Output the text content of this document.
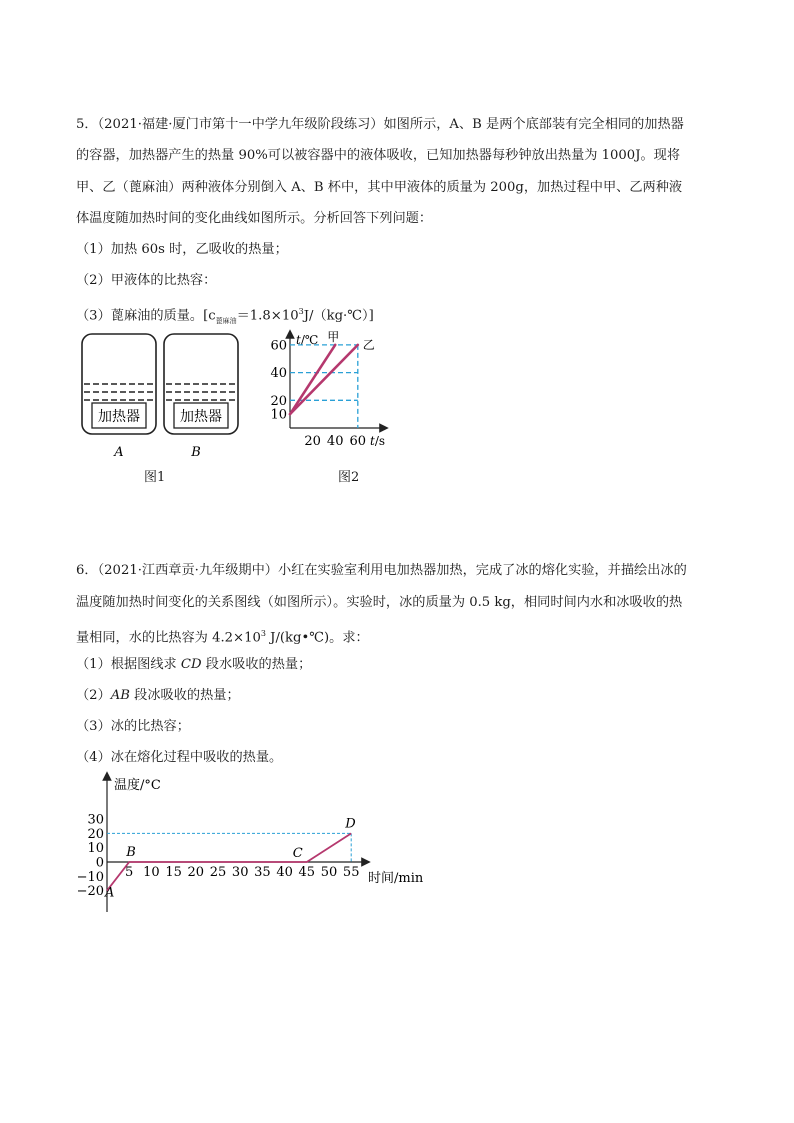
5．（2021·福建·厦门市第十一中学九年级阶段练习）如图所示，A、B 是两个底部装有完全相同的加热器
的容器，加热器产生的热量 90%可以被容器中的液体吸收，已知加热器每秒钟放出热量为 1000J。现将
甲、乙（蓖麻油）两种液体分别倒入 A、B 杯中，其中甲液体的质量为 200g，加热过程中甲、乙两种液
体温度随加热时间的变化曲线如图所示。分析回答下列问题：
（1）加热 60s 时，乙吸收的热量；
（2）甲液体的比热容：
（3）蓖麻油的质量。$[c_{蓖麻油}=1.8\times 10^3J/(kg\cdot℃)]$
加热器	加热器
A	B
图1
t/℃
t/s
10
20
40
60
20 40 60
甲
乙
图2
6．（2021·江西章贡·九年级期中）小红在实验室利用电加热器加热，完成了冰的熔化实验，并描绘出冰的
温度随加热时间变化的关系图线（如图所示）。实验时，冰的质量为 0.5 kg，相同时间内水和冰吸收的热
量相同，水的比热容为 $4.2\times 10^3$ J/(kg•℃)。求：
（1）根据图线求 CD 段水吸收的热量；
（2）AB 段冰吸收的热量；
（3）冰的比热容；
（4）冰在熔化过程中吸收的热量。
温度/°C
时间/min
−20
−10
0
10
20
30
5 10 15 20 25 30 35 40 45 50 55
A
B	C
D
